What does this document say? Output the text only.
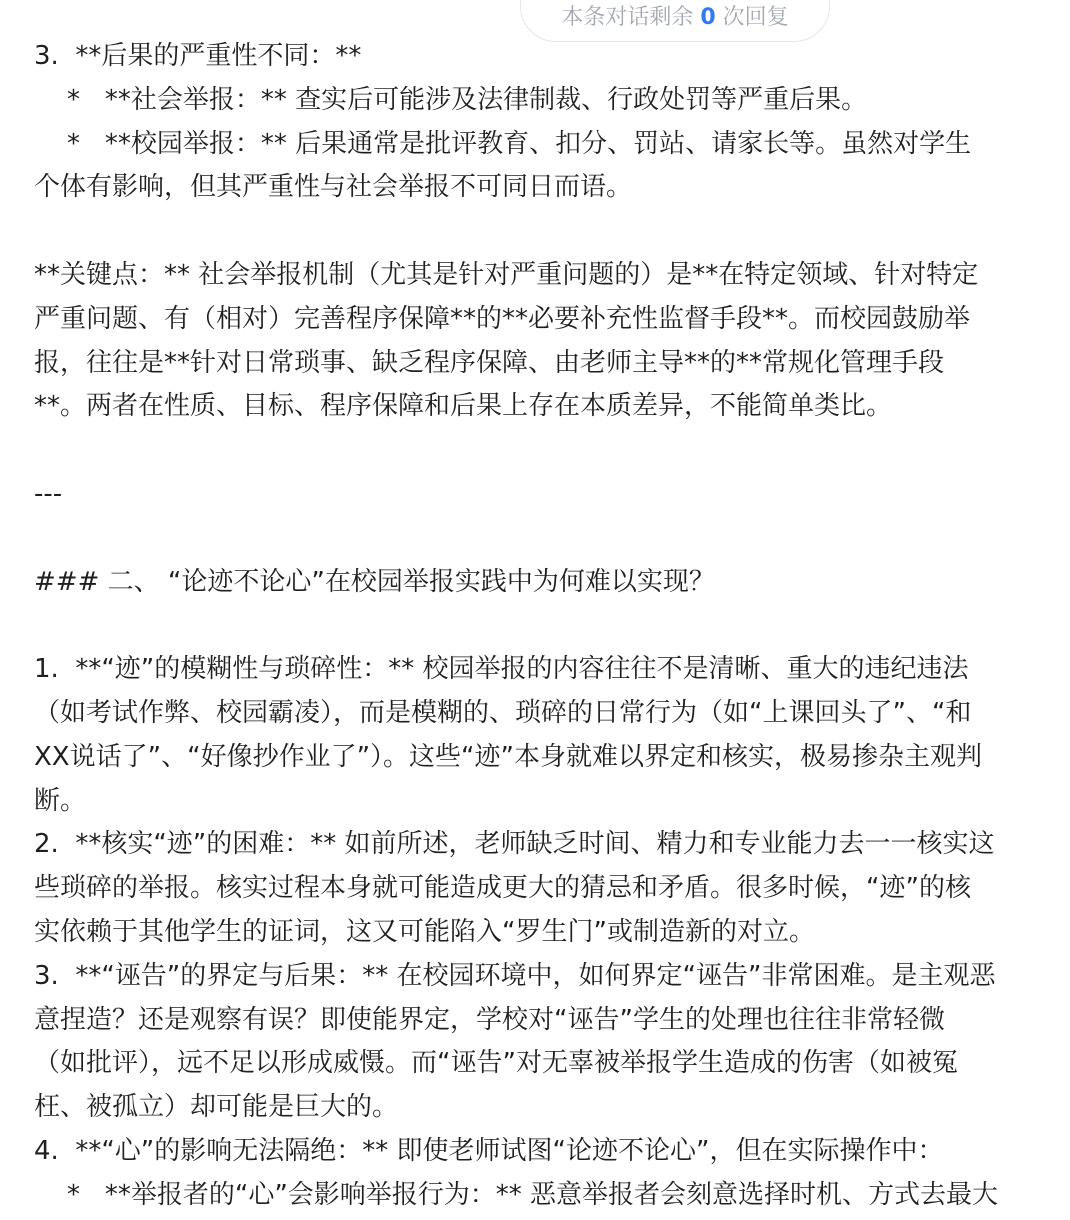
本条对话剩余 0 次回复
3.  **后果的严重性不同：**
*   **社会举报：** 查实后可能涉及法律制裁、行政处罚等严重后果。
*   **校园举报：** 后果通常是批评教育、扣分、罚站、请家长等。虽然对学生
个体有影响，但其严重性与社会举报不可同日而语。
**关键点：** 社会举报机制（尤其是针对严重问题的）是**在特定领域、针对特定
严重问题、有（相对）完善程序保障**的**必要补充性监督手段**。而校园鼓励举
报，往往是**针对日常琐事、缺乏程序保障、由老师主导**的**常规化管理手段
**。两者在性质、目标、程序保障和后果上存在本质差异，不能简单类比。
---
### 二、 “论迹不论心”在校园举报实践中为何难以实现？
1.  **“迹”的模糊性与琐碎性：** 校园举报的内容往往不是清晰、重大的违纪违法
（如考试作弊、校园霸凌），而是模糊的、琐碎的日常行为（如“上课回头了”、“和
XX说话了”、“好像抄作业了”）。这些“迹”本身就难以界定和核实，极易掺杂主观判
断。
2.  **核实“迹”的困难：** 如前所述，老师缺乏时间、精力和专业能力去一一核实这
些琐碎的举报。核实过程本身就可能造成更大的猜忌和矛盾。很多时候，“迹”的核
实依赖于其他学生的证词，这又可能陷入“罗生门”或制造新的对立。
3.  **“诬告”的界定与后果：** 在校园环境中，如何界定“诬告”非常困难。是主观恶
意捏造？还是观察有误？即使能界定，学校对“诬告”学生的处理也往往非常轻微
（如批评），远不足以形成威慑。而“诬告”对无辜被举报学生造成的伤害（如被冤
枉、被孤立）却可能是巨大的。
4.  **“心”的影响无法隔绝：** 即使老师试图“论迹不论心”，但在实际操作中：
*   **举报者的“心”会影响举报行为：** 恶意举报者会刻意选择时机、方式去最大
